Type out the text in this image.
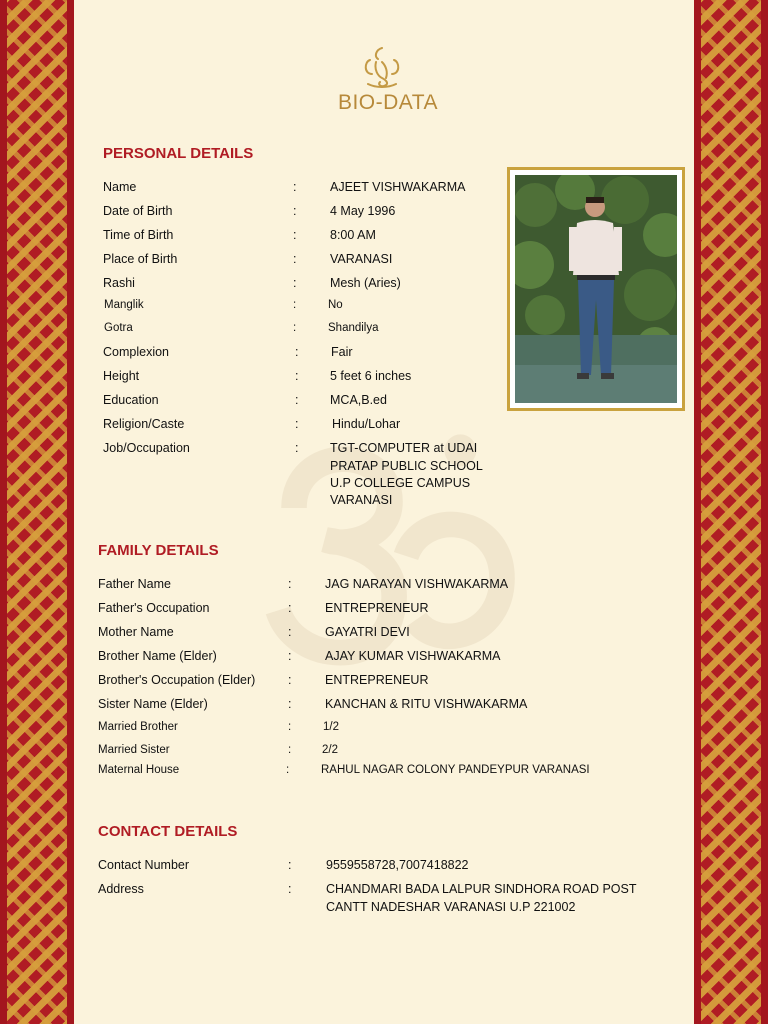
BIO-DATA
PERSONAL DETAILS
Name	:	AJEET VISHWAKARMA
Date of Birth	:	4 May 1996
Time of Birth	:	8:00 AM
Place of Birth	:	VARANASI
Rashi	:	Mesh (Aries)
Manglik	:	No
Gotra	:	Shandilya
Complexion	:	Fair
Height	:	5 feet 6 inches
Education	:	MCA,B.ed
Religion/Caste	:	Hindu/Lohar
Job/Occupation	:	TGT-COMPUTER at UDAI
PRATAP PUBLIC SCHOOL
U.P COLLEGE CAMPUS
VARANASI
FAMILY DETAILS
Father Name	:	JAG NARAYAN VISHWAKARMA
Father's Occupation	:	ENTREPRENEUR
Mother Name	:	GAYATRI DEVI
Brother Name (Elder)	:	AJAY KUMAR VISHWAKARMA
Brother's Occupation (Elder)	:	ENTREPRENEUR
Sister Name (Elder)	:	KANCHAN & RITU VISHWAKARMA
Married Brother	:	1/2
Married Sister	:	2/2
Maternal House	:	RAHUL NAGAR COLONY PANDEYPUR VARANASI
CONTACT DETAILS
Contact Number	:	9559558728,7007418822
Address	:	CHANDMARI BADA LALPUR SINDHORA ROAD POST
CANTT NADESHAR VARANASI U.P 221002
